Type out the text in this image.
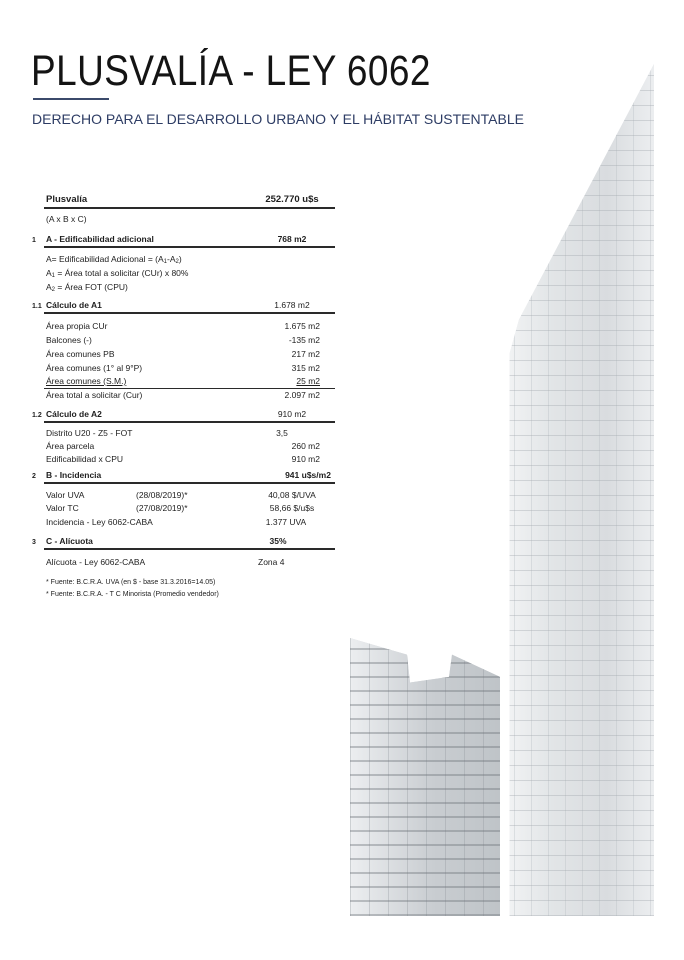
PLUSVALÍA - LEY 6062
DERECHO PARA EL DESARROLLO URBANO Y EL HÁBITAT SUSTENTABLE
Plusvalía	252.770 u$s
(A x B x C)
1 A - Edificabilidad adicional	768 m2
A= Edificabilidad Adicional = $(A_1-A_2)$
$A_1$ = Área total a solicitar (CUr) x 80%
$A_2$ = Área FOT (CPU)
1.1 Cálculo de A1	1.678 m2
Área propia CUr	1.675 m2
Balcones (-)	-135 m2
Área comunes PB	217 m2
Área comunes (1° al 9°P)	315 m2
Área comunes (S.M.)	25 m2
Área total a solicitar (Cur)	2.097 m2
1.2 Cálculo de A2	910 m2
Distrito U20 - Z5 - FOT	3,5
Área parcela	260 m2
Edificabilidad x CPU	910 m2
2 B - Incidencia	941 u$s/m2
Valor UVA	(28/08/2019)*	40,08 $/UVA
Valor TC	(27/08/2019)*	58,66 $/u$s
Incidencia - Ley 6062-CABA	1.377 UVA
3 C - Alícuota	35%
Alícuota - Ley 6062-CABA	Zona 4
* Fuente: B.C.R.A. UVA (en $ - base 31.3.2016=14.05)
* Fuente: B.C.R.A. - T C Minorista (Promedio vendedor)
